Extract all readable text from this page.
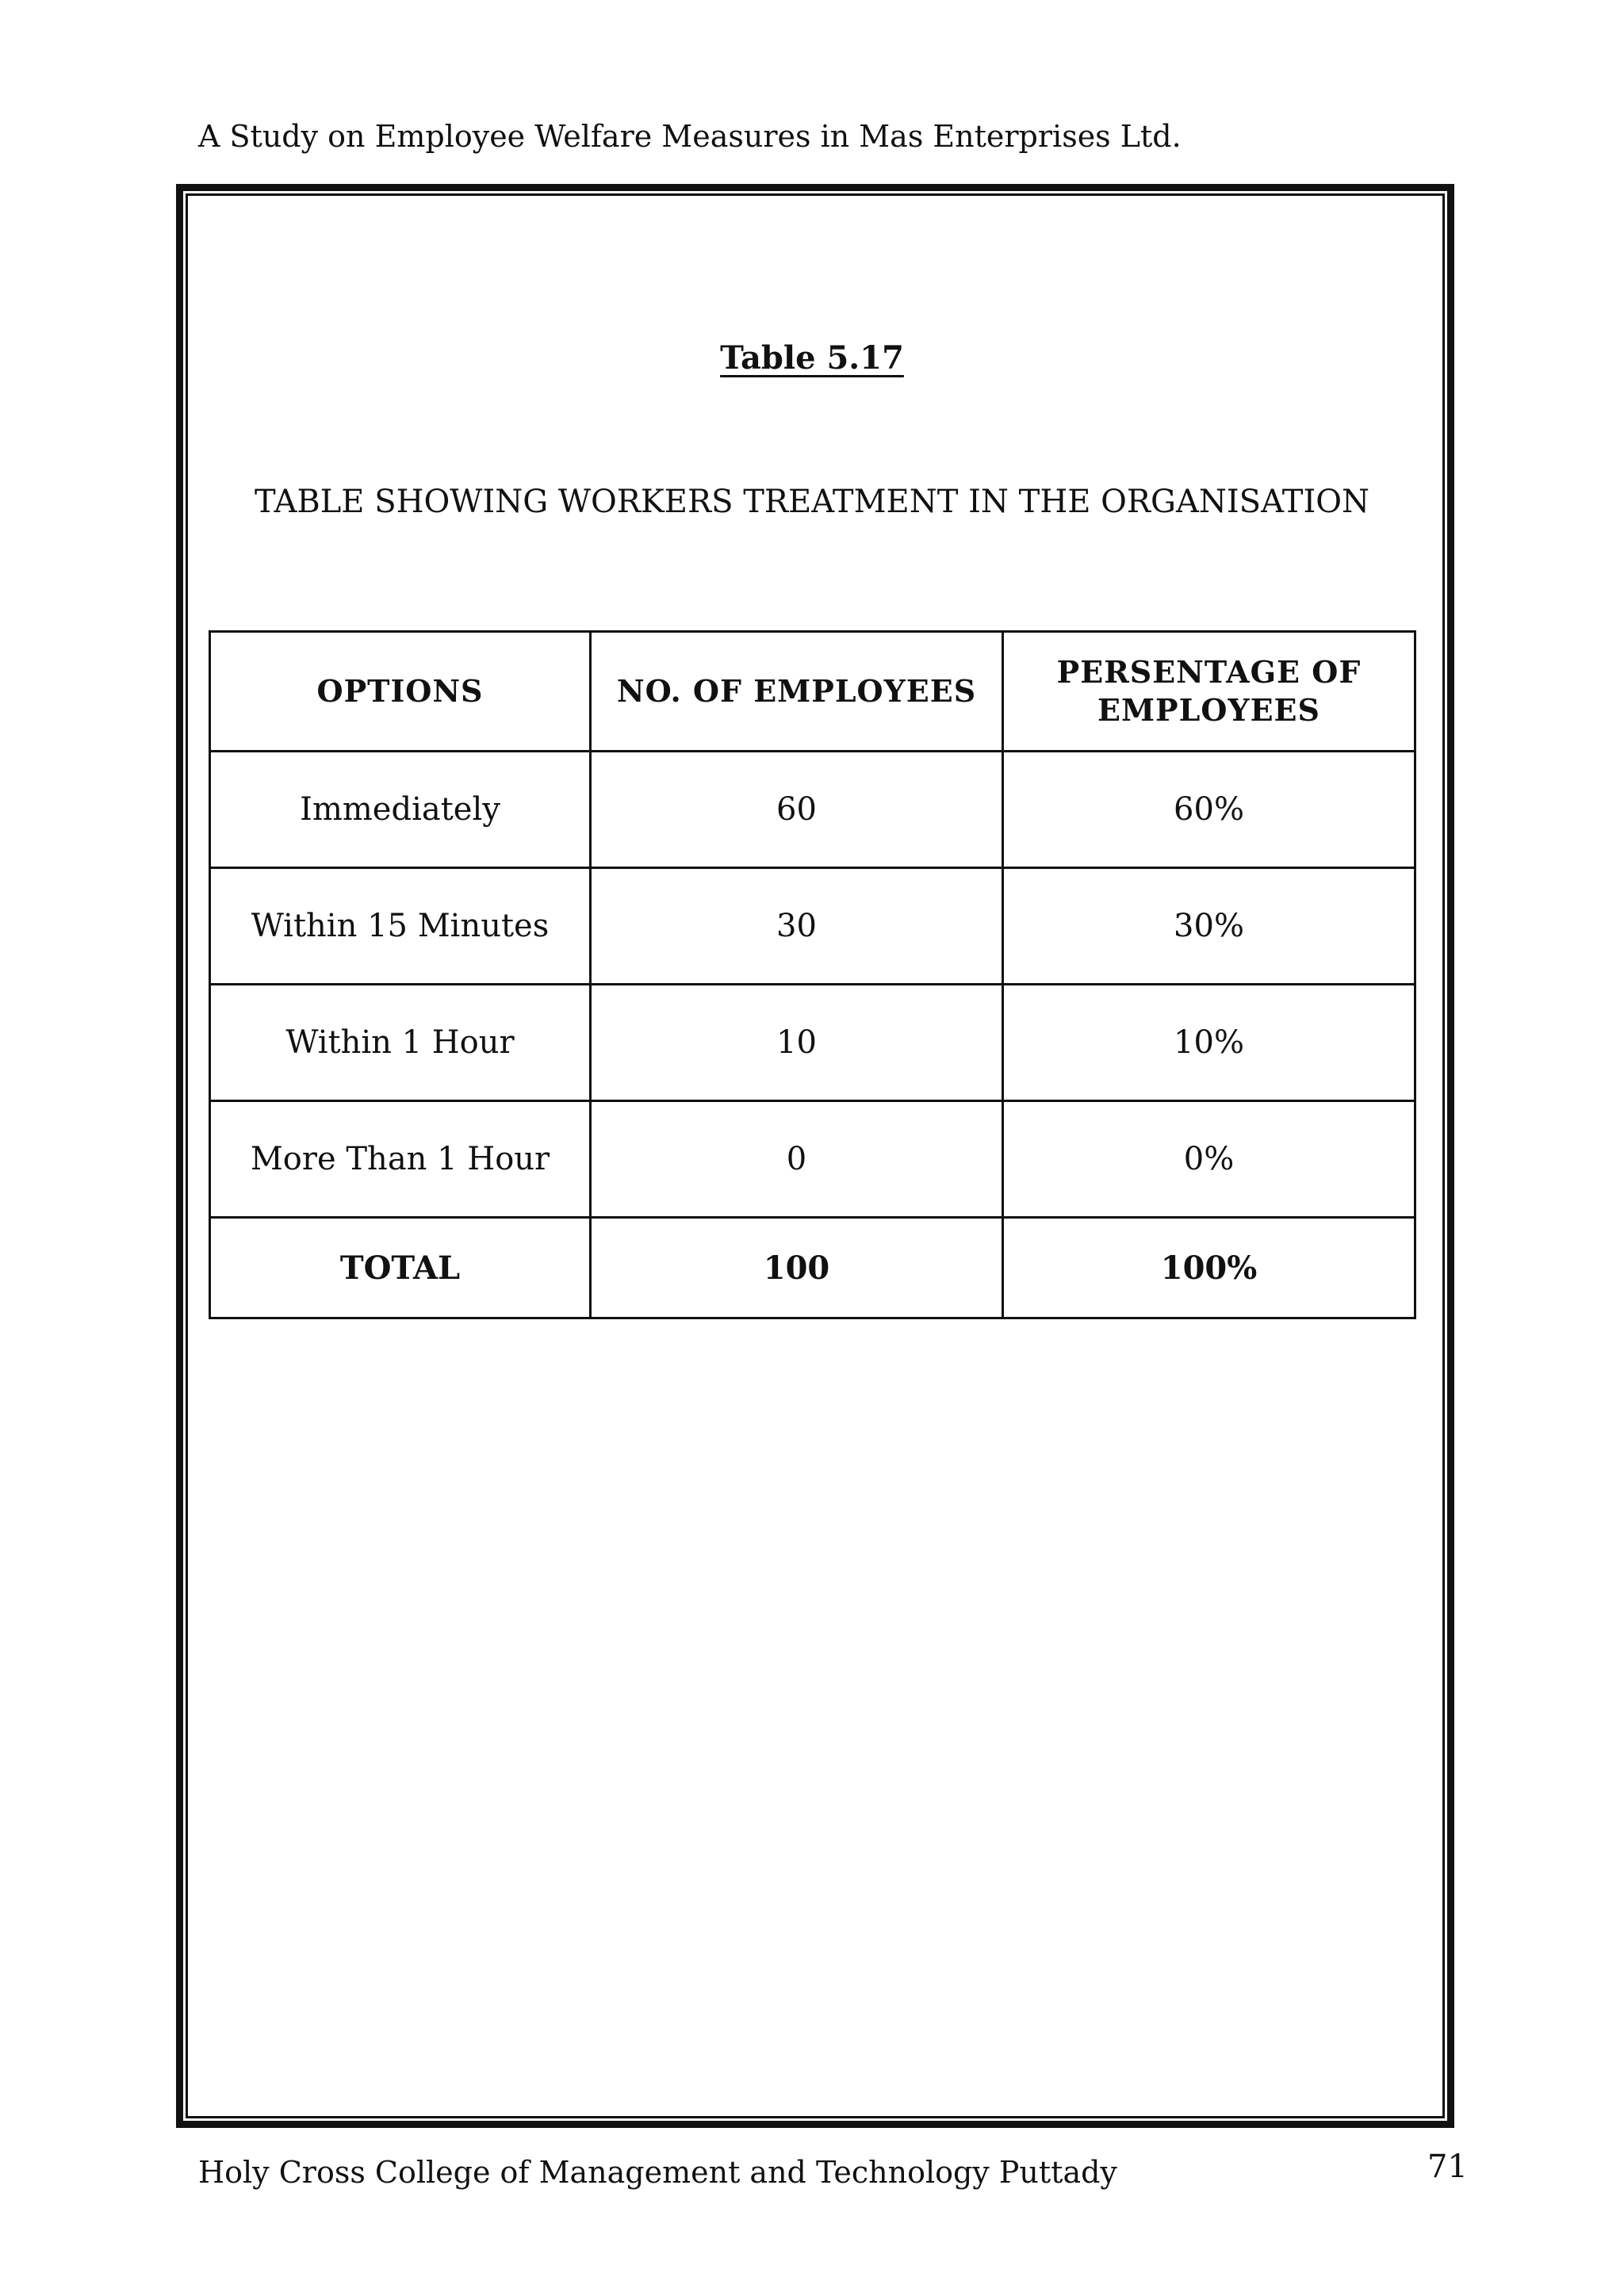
A Study on Employee Welfare Measures in Mas Enterprises Ltd.
Table 5.17
TABLE SHOWING WORKERS TREATMENT IN THE ORGANISATION
OPTIONS	NO. OF EMPLOYEES	PERSENTAGE OF EMPLOYEES
Immediately	60	60%
Within 15 Minutes	30	30%
Within 1 Hour	10	10%
More Than 1 Hour	0	0%
TOTAL	100	100%
Holy Cross College of Management and Technology Puttady	71
